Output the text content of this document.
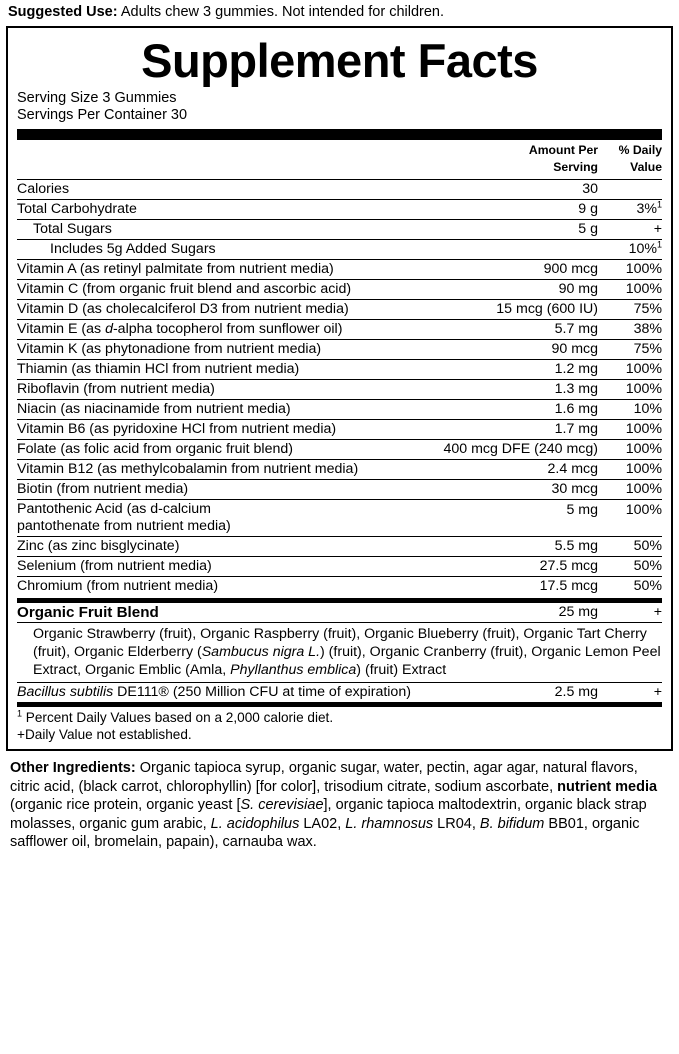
Suggested Use: Adults chew 3 gummies. Not intended for children.
Supplement Facts
Serving Size 3 Gummies
Servings Per Container 30

Amount Per
Serving

% Daily
Value

Calories	30	
Total Carbohydrate	9 g	3%$^1$
Total Sugars	5 g	+
Includes 5g Added Sugars		10%$^1$
Vitamin A (as retinyl palmitate from nutrient media)	900 mcg	100%
Vitamin C (from organic fruit blend and ascorbic acid)	90 mg	100%
Vitamin D (as cholecalciferol D3 from nutrient media)	15 mcg (600 IU)	75%
Vitamin E (as d-alpha tocopherol from sunflower oil)	5.7 mg	38%
Vitamin K (as phytonadione from nutrient media)	90 mcg	75%
Thiamin (as thiamin HCl from nutrient media)	1.2 mg	100%
Riboflavin (from nutrient media)	1.3 mg	100%
Niacin (as niacinamide from nutrient media)	1.6 mg	10%
Vitamin B6 (as pyridoxine HCl from nutrient media)	1.7 mg	100%
Folate (as folic acid from organic fruit blend)	400 mcg DFE (240 mcg)	100%
Vitamin B12 (as methylcobalamin from nutrient media)	2.4 mcg	100%
Biotin (from nutrient media)	30 mcg	100%
Pantothenic Acid (as d-calcium
pantothenate from nutrient media)	5 mg	100%
Zinc (as zinc bisglycinate)	5.5 mg	50%
Selenium (from nutrient media)	27.5 mcg	50%
Chromium (from nutrient media)	17.5 mcg	50%
Organic Fruit Blend	25 mg	+
Organic Strawberry (fruit), Organic Raspberry (fruit), Organic Blueberry (fruit), Organic Tart Cherry (fruit), Organic Elderberry (Sambucus nigra L.) (fruit), Organic Cranberry (fruit), Organic Lemon Peel Extract, Organic Emblic (Amla, Phyllanthus emblica) (fruit) Extract
Bacillus subtilis DE111® (250 Million CFU at time of expiration)	2.5 mg	+
$^1$ Percent Daily Values based on a 2,000 calorie diet.
+Daily Value not established.
Other Ingredients: Organic tapioca syrup, organic sugar, water, pectin, agar agar, natural flavors, citric acid, (black carrot, chlorophyllin) [for color], trisodium citrate, sodium ascorbate, nutrient media (organic rice protein, organic yeast [S. cerevisiae], organic tapioca maltodextrin, organic black strap molasses, organic gum arabic, L. acidophilus LA02, L. rhamnosus LR04, B. bifidum BB01, organic safflower oil, bromelain, papain), carnauba wax.
